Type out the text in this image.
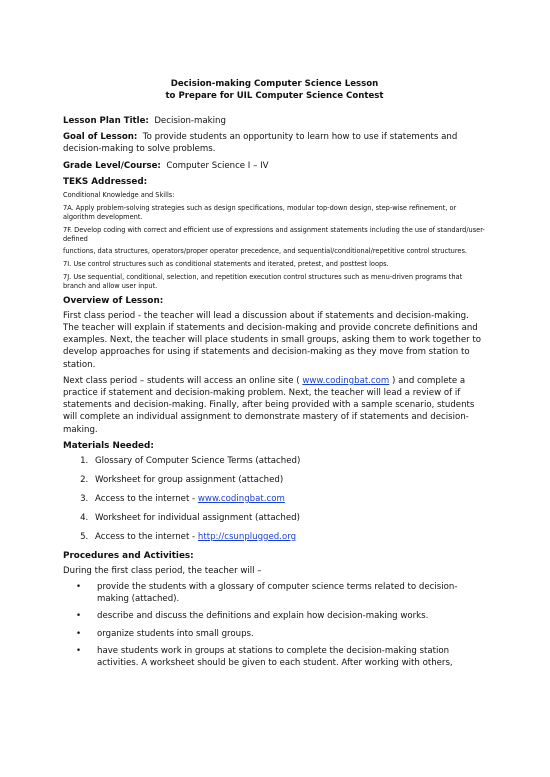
Decision-making Computer Science Lesson
to Prepare for UIL Computer Science Contest

Lesson Plan Title: Decision-making

Goal of Lesson: To provide students an opportunity to learn how to use if statements and decision-making to solve problems.

Grade Level/Course: Computer Science I – IV

TEKS Addressed:

Conditional Knowledge and Skills:

7A. Apply problem-solving strategies such as design specifications, modular top-down design, step-wise refinement, or algorithm development.

7F. Develop coding with correct and efficient use of expressions and assignment statements including the use of standard/user-defined

functions, data structures, operators/proper operator precedence, and sequential/conditional/repetitive control structures.

7I. Use control structures such as conditional statements and iterated, pretest, and posttest loops.

7J. Use sequential, conditional, selection, and repetition execution control structures such as menu-driven programs that branch and allow user input.

Overview of Lesson:

First class period - the teacher will lead a discussion about if statements and decision-making. The teacher will explain if statements and decision-making and provide concrete definitions and examples. Next, the teacher will place students in small groups, asking them to work together to develop approaches for using if statements and decision-making as they move from station to station.

Next class period – students will access an online site ( www.codingbat.com ) and complete a practice if statement and decision-making problem. Next, the teacher will lead a review of if statements and decision-making. Finally, after being provided with a sample scenario, students will complete an individual assignment to demonstrate mastery of if statements and decision-making.

Materials Needed:
1. Glossary of Computer Science Terms (attached)
2. Worksheet for group assignment (attached)
3. Access to the internet - www.codingbat.com
4. Worksheet for individual assignment (attached)
5. Access to the internet - http://csunplugged.org
Procedures and Activities:

During the first class period, the teacher will –

• provide the students with a glossary of computer science terms related to decision-making (attached).
• describe and discuss the definitions and explain how decision-making works.
• organize students into small groups.
• have students work in groups at stations to complete the decision-making station activities. A worksheet should be given to each student. After working with others,
